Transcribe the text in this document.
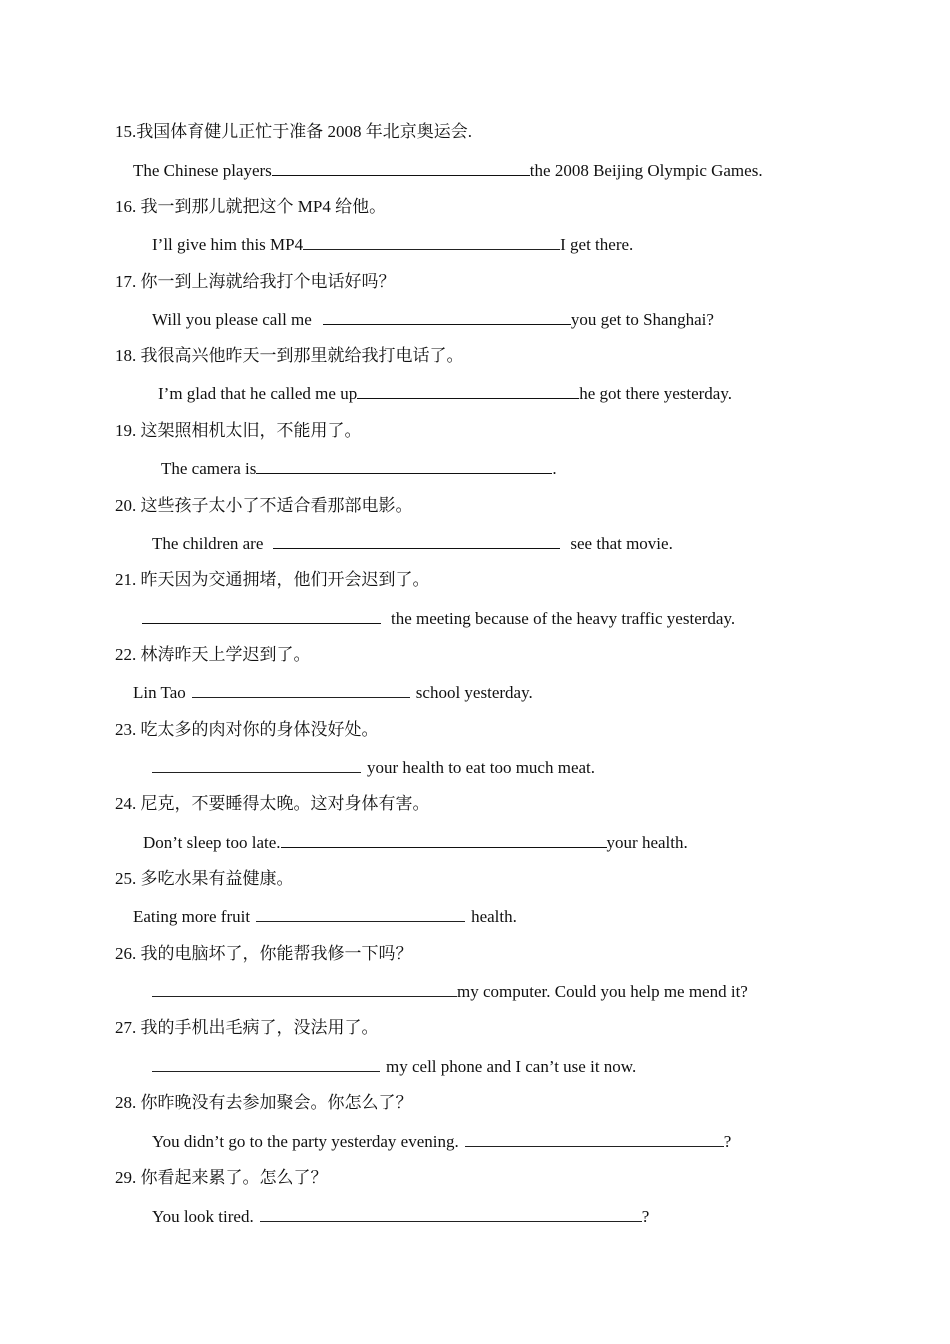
15.我国体育健儿正忙于准备 2008 年北京奥运会.
The Chinese players	the 2008 Beijing Olympic Games.
16. 我一到那儿就把这个 MP4 给他。
I’ll give him this MP4	I get there.
17. 你一到上海就给我打个电话好吗？
Will you please call me	you get to Shanghai?
18. 我很高兴他昨天一到那里就给我打电话了。
I’m glad that he called me up	he got there yesterday.
19. 这架照相机太旧，不能用了。
The camera is	.
20. 这些孩子太小了不适合看那部电影。
The children are	see that movie.
21. 昨天因为交通拥堵，他们开会迟到了。
the meeting because of the heavy traffic yesterday.
22. 林涛昨天上学迟到了。
Lin Tao	school yesterday.
23. 吃太多的肉对你的身体没好处。
your health to eat too much meat.
24. 尼克，不要睡得太晚。这对身体有害。
Don’t sleep too late.	your health.
25. 多吃水果有益健康。
Eating more fruit	health.
26. 我的电脑坏了，你能帮我修一下吗？
my computer. Could you help me mend it?
27. 我的手机出毛病了，没法用了。
my cell phone and I can’t use it now.
28. 你昨晚没有去参加聚会。你怎么了？
You didn’t go to the party yesterday evening.	?
29. 你看起来累了。怎么了？
You look tired.	?
